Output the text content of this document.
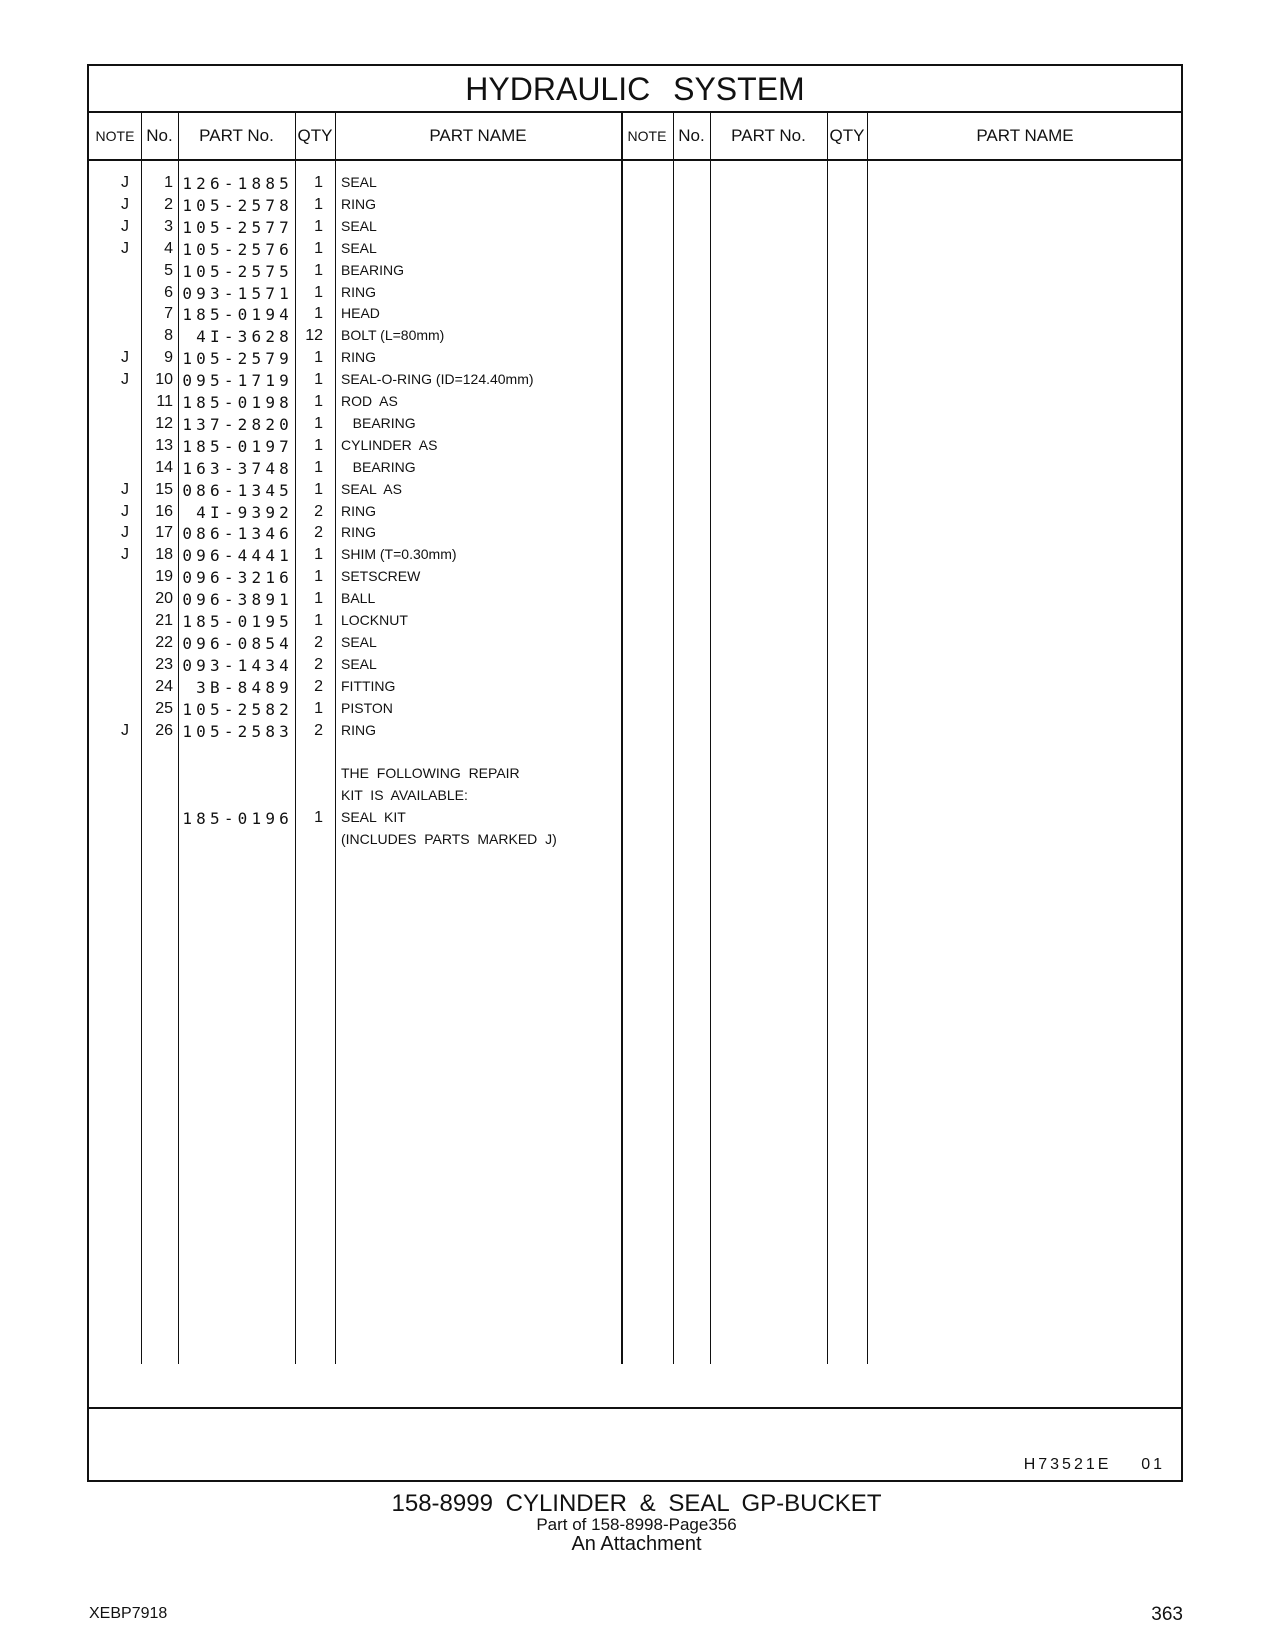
HYDRAULIC SYSTEM
NOTE No.	PART No.	QTY	PART NAME	NOTE No.	PART No.	QTY	PART NAME
J	1 126-1885	1 SEAL
J	2 105-2578	1 RING
J	3 105-2577	1 SEAL
J	4 105-2576	1 SEAL
5 105-2575	1 BEARING
6 093-1571	1 RING
7 185-0194	1 HEAD
8	4I-3628 12 BOLT (L=80mm)
J	9 105-2579	1 RING
J	10 095-1719	1 SEAL-O-RING (ID=124.40mm)
11 185-0198	1 ROD  AS
12 137-2820	1 BEARING
13 185-0197	1 CYLINDER  AS
14 163-3748	1 BEARING
J	15 086-1345	1 SEAL  AS
J	16	4I-9392	2 RING
J	17 086-1346	2 RING
J	18 096-4441	1 SHIM (T=0.30mm)
19 096-3216	1 SETSCREW
20 096-3891	1 BALL
21 185-0195	1 LOCKNUT
22 096-0854	2 SEAL
23 093-1434	2 SEAL
24	3B-8489	2 FITTING
25 105-2582	1 PISTON
J	26 105-2583	2 RING
THE  FOLLOWING  REPAIR
KIT  IS  AVAILABLE:
185-0196	1 SEAL  KIT
(INCLUDES  PARTS  MARKED  J)
H73521E    01
158-8999 CYLINDER & SEAL GP-BUCKET
Part of 158-8998-Page356
An Attachment
XEBP7918	363
